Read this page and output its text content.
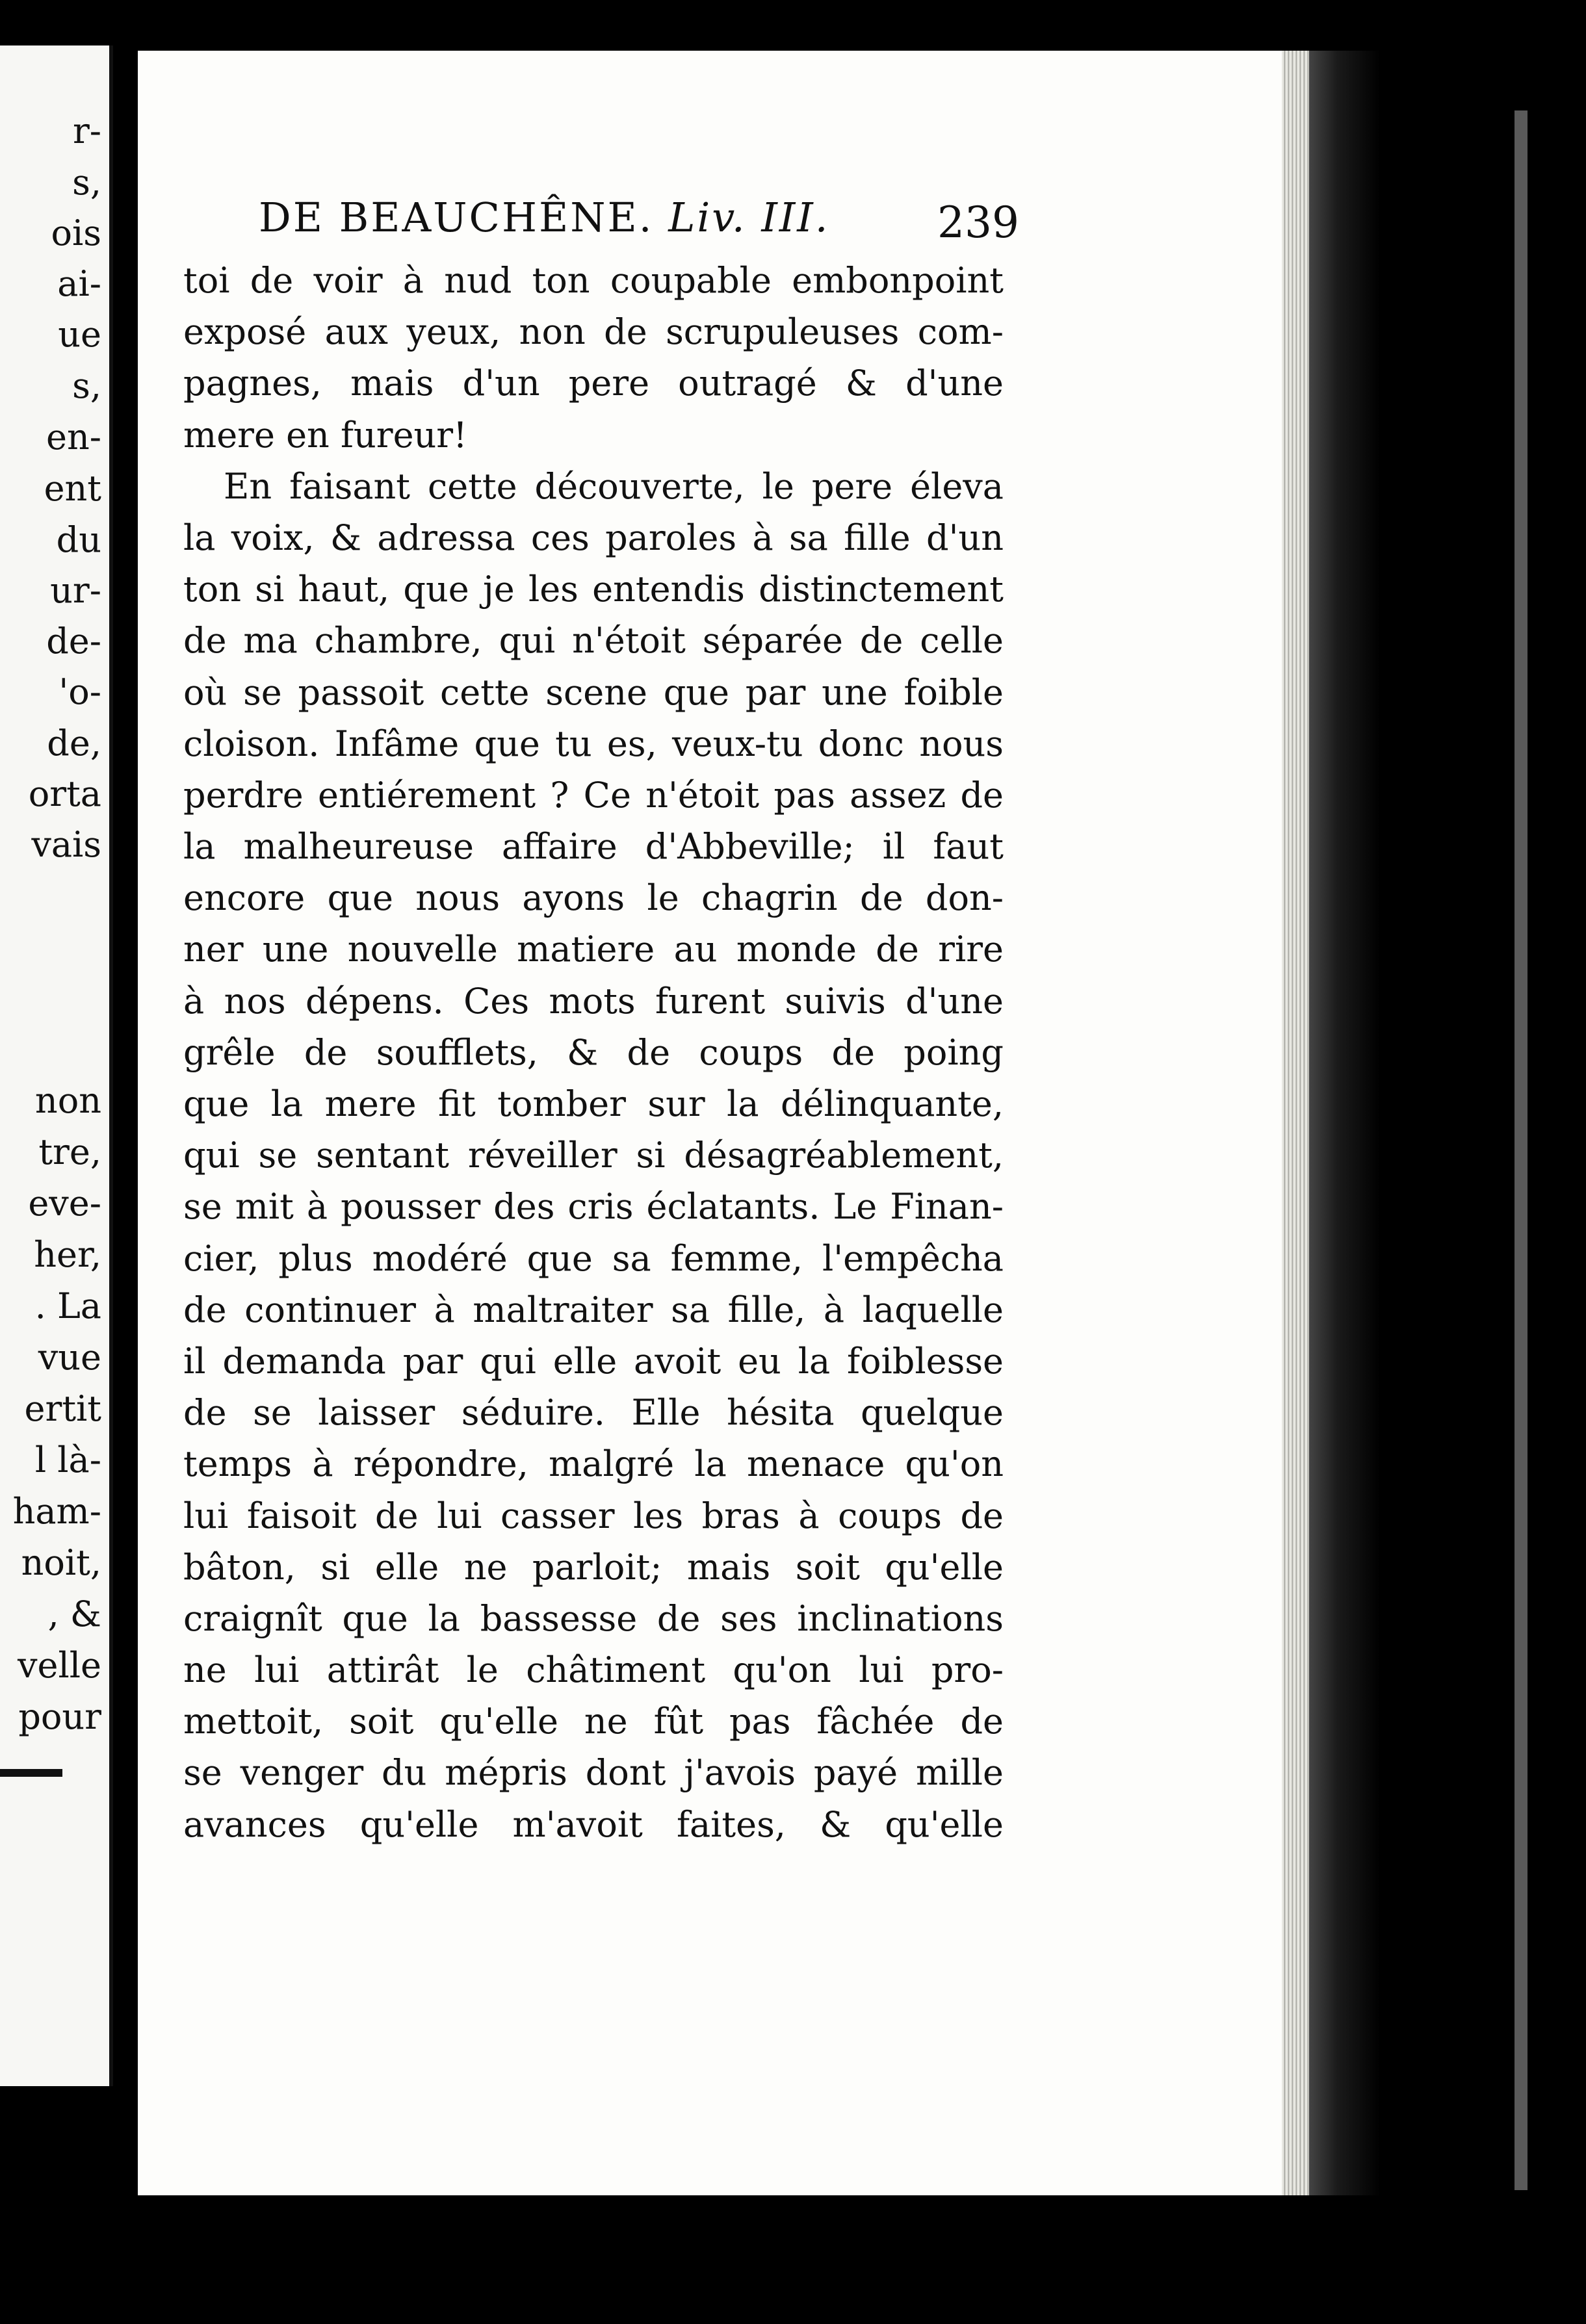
r-
s,
ois
ai-
ue
s,
en-
ent
du
ur-
de-
'o-
de,
orta
vais
non
tre,
eve-
her,
. La
vue
ertit
l là-
ham-
noit,
, &
velle
pour
DE BEAUCHÊNE. Liv. III.	239
toi de voir à nud ton coupable embonpoint
exposé aux yeux, non de scrupuleuses com-
pagnes, mais d'un pere outragé & d'une
mere en fureur!
En faisant cette découverte, le pere éleva
la voix, & adressa ces paroles à sa fille d'un
ton si haut, que je les entendis distinctement
de ma chambre, qui n'étoit séparée de celle
où se passoit cette scene que par une foible
cloison. Infâme que tu es, veux-tu donc nous
perdre entiérement ? Ce n'étoit pas assez de
la malheureuse affaire d'Abbeville; il faut
encore que nous ayons le chagrin de don-
ner une nouvelle matiere au monde de rire
à nos dépens. Ces mots furent suivis d'une
grêle de soufflets, & de coups de poing
que la mere fit tomber sur la délinquante,
qui se sentant réveiller si désagréablement,
se mit à pousser des cris éclatants. Le Finan-
cier, plus modéré que sa femme, l'empêcha
de continuer à maltraiter sa fille, à laquelle
il demanda par qui elle avoit eu la foiblesse
de se laisser séduire. Elle hésita quelque
temps à répondre, malgré la menace qu'on
lui faisoit de lui casser les bras à coups de
bâton, si elle ne parloit; mais soit qu'elle
craignît que la bassesse de ses inclinations
ne lui attirât le châtiment qu'on lui pro-
mettoit, soit qu'elle ne fût pas fâchée de
se venger du mépris dont j'avois payé mille
avances qu'elle m'avoit faites, & qu'elle
